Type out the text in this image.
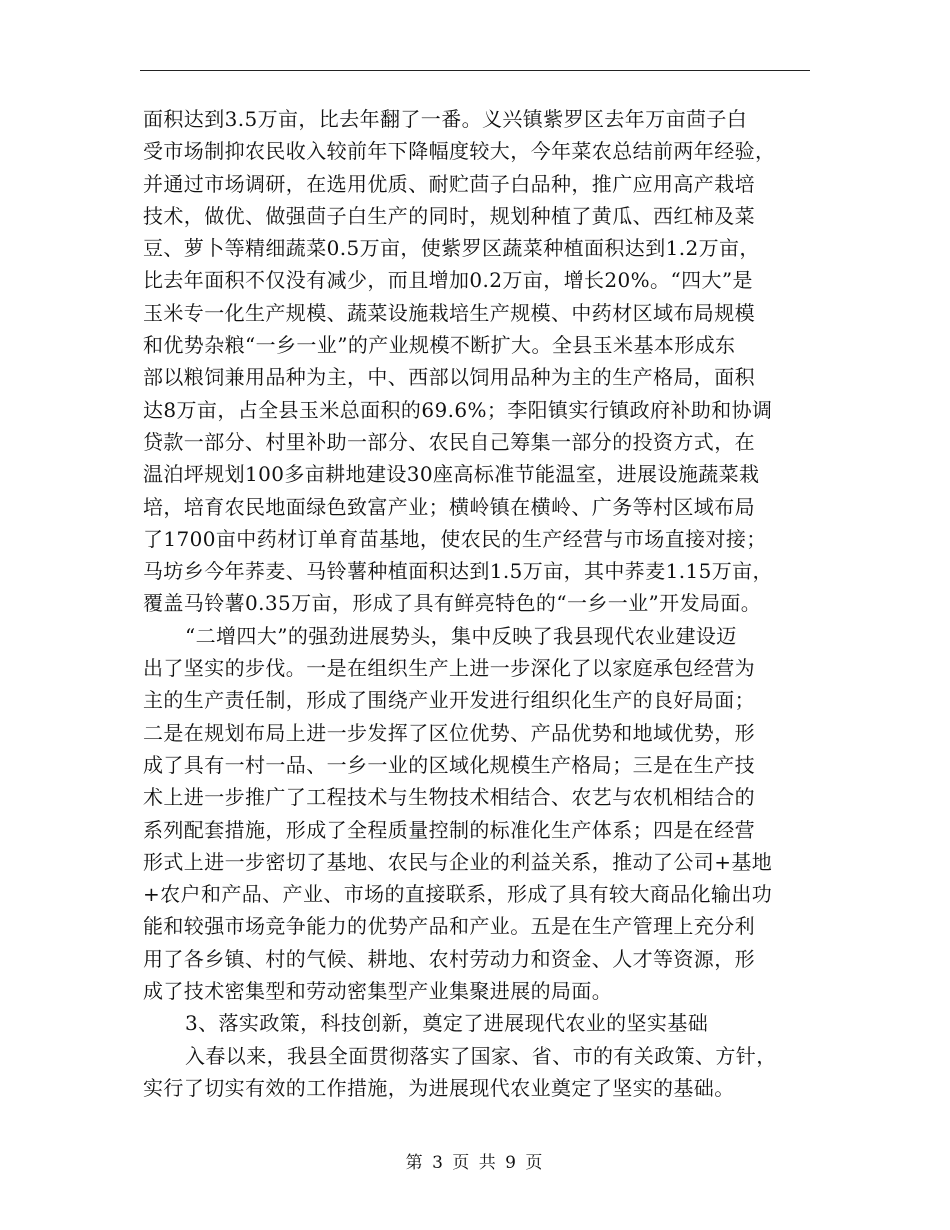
面积达到3.5万亩，比去年翻了一番。义兴镇紫罗区去年万亩茴子白
受市场制抑农民收入较前年下降幅度较大，今年菜农总结前两年经验，
并通过市场调研，在选用优质、耐贮茴子白品种，推广应用高产栽培
技术，做优、做强茴子白生产的同时，规划种植了黄瓜、西红柿及菜
豆、萝卜等精细蔬菜0.5万亩，使紫罗区蔬菜种植面积达到1.2万亩，
比去年面积不仅没有减少，而且增加0.2万亩，增长20%。“四大”是
玉米专一化生产规模、蔬菜设施栽培生产规模、中药材区域布局规模
和优势杂粮“一乡一业”的产业规模不断扩大。全县玉米基本形成东
部以粮饲兼用品种为主，中、西部以饲用品种为主的生产格局，面积
达8万亩，占全县玉米总面积的69.6%；李阳镇实行镇政府补助和协调
贷款一部分、村里补助一部分、农民自己筹集一部分的投资方式，在
温泊坪规划100多亩耕地建设30座高标准节能温室，进展设施蔬菜栽
培，培育农民地面绿色致富产业；横岭镇在横岭、广务等村区域布局
了1700亩中药材订单育苗基地，使农民的生产经营与市场直接对接；
马坊乡今年荞麦、马铃薯种植面积达到1.5万亩，其中荞麦1.15万亩，
覆盖马铃薯0.35万亩，形成了具有鲜亮特色的“一乡一业”开发局面。
“二增四大”的强劲进展势头，集中反映了我县现代农业建设迈
出了坚实的步伐。一是在组织生产上进一步深化了以家庭承包经营为
主的生产责任制，形成了围绕产业开发进行组织化生产的良好局面；
二是在规划布局上进一步发挥了区位优势、产品优势和地域优势，形
成了具有一村一品、一乡一业的区域化规模生产格局；三是在生产技
术上进一步推广了工程技术与生物技术相结合、农艺与农机相结合的
系列配套措施，形成了全程质量控制的标准化生产体系；四是在经营
形式上进一步密切了基地、农民与企业的利益关系，推动了公司+基地
+农户和产品、产业、市场的直接联系，形成了具有较大商品化输出功
能和较强市场竞争能力的优势产品和产业。五是在生产管理上充分利
用了各乡镇、村的气候、耕地、农村劳动力和资金、人才等资源，形
成了技术密集型和劳动密集型产业集聚进展的局面。
3、落实政策，科技创新，奠定了进展现代农业的坚实基础
入春以来，我县全面贯彻落实了国家、省、市的有关政策、方针，
实行了切实有效的工作措施，为进展现代农业奠定了坚实的基础。
第 3 页 共 9 页
